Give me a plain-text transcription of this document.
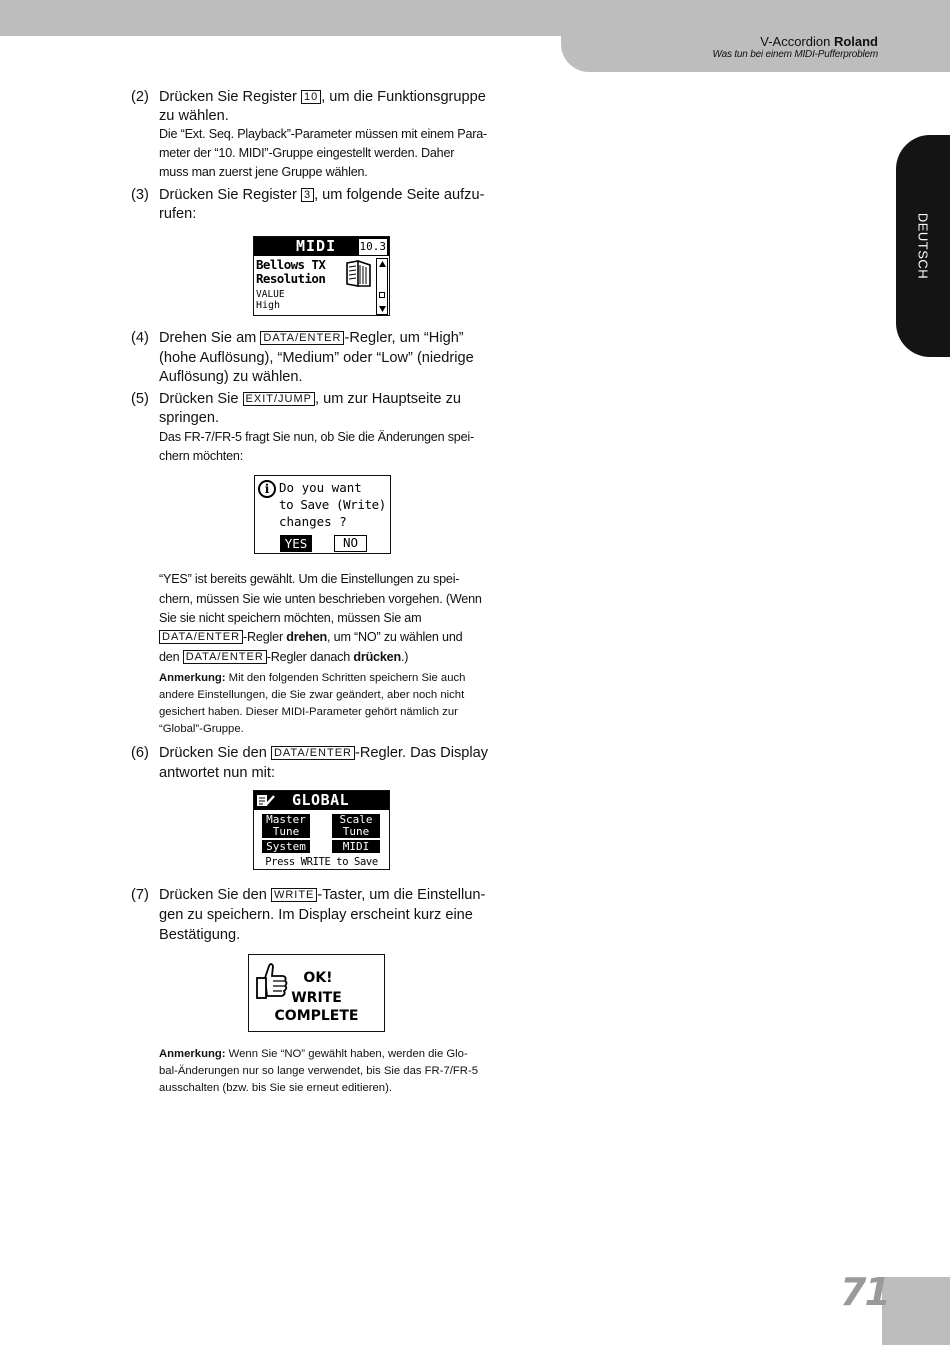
V-Accordion Roland
Was tun bei einem MIDI-Pufferproblem
DEUTSCH
(2) Drücken Sie Register 10 , um die Funktionsgruppe
zu wählen.
Die “Ext. Seq. Playback”-Parameter müssen mit einem Para-
meter der “10. MIDI”-Gruppe eingestellt werden. Daher
muss man zuerst jene Gruppe wählen.
(3) Drücken Sie Register 3 , um folgende Seite aufzu-
rufen:
MIDI 10.3
Bellows TX
Resolution
VALUE
High
(4) Drehen Sie am DATA/ENTER -Regler, um “High”
(hohe Auflösung), “Medium” oder “Low” (niedrige
Auflösung) zu wählen.
(5) Drücken Sie EXIT/JUMP , um zur Hauptseite zu
springen.
Das FR-7/FR-5 fragt Sie nun, ob Sie die Änderungen spei-
chern möchten:
i Do you want
to Save (Write)
changes ?
YES	NO
“YES” ist bereits gewählt. Um die Einstellungen zu spei-
chern, müssen Sie wie unten beschrieben vorgehen. (Wenn
Sie sie nicht speichern möchten, müssen Sie am
DATA/ENTER -Regler drehen, um “NO” zu wählen und
den DATA/ENTER -Regler danach drücken.)
Anmerkung: Mit den folgenden Schritten speichern Sie auch
andere Einstellungen, die Sie zwar geändert, aber noch nicht
gesichert haben. Dieser MIDI-Parameter gehört nämlich zur
“Global”-Gruppe.
(6) Drücken Sie den DATA/ENTER -Regler. Das Display
antwortet nun mit:
GLOBAL
Master
Tune
Scale
Tune
System	MIDI
Press WRITE to Save
(7) Drücken Sie den WRITE -Taster, um die Einstellun-
gen zu speichern. Im Display erscheint kurz eine
Bestätigung.
OK!
WRITE
COMPLETE
Anmerkung: Wenn Sie “NO” gewählt haben, werden die Glo-
bal-Änderungen nur so lange verwendet, bis Sie das FR-7/FR-5
ausschalten (bzw. bis Sie sie erneut editieren).
71
